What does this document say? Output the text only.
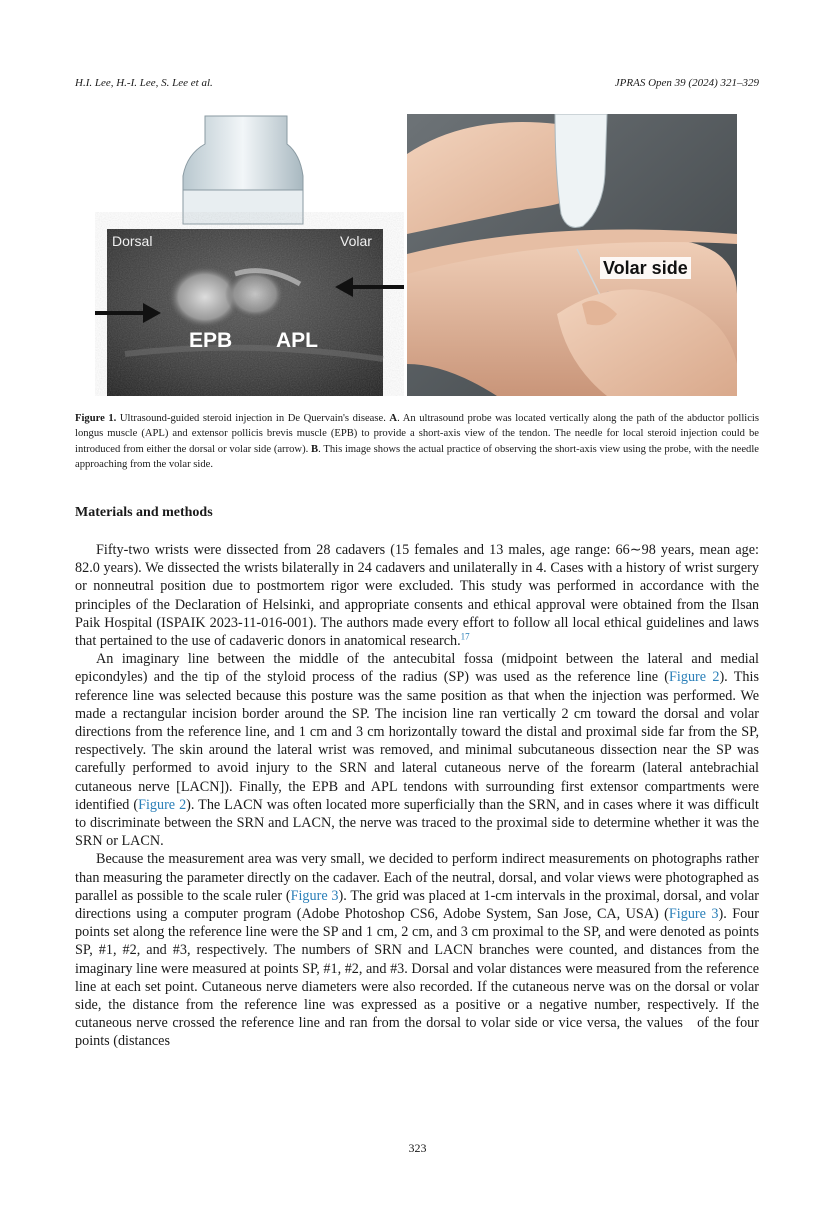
H.I. Lee, H.-I. Lee, S. Lee et al.	JPRAS Open 39 (2024) 321–329
Dorsal	Volar
EPB APL
Volar side
Figure 1. Ultrasound-guided steroid injection in De Quervain's disease. A. An ultrasound probe was located vertically along the path of the abductor pollicis longus muscle (APL) and extensor pollicis brevis muscle (EPB) to provide a short-axis view of the tendon. The needle for local steroid injection could be introduced from either the dorsal or volar side (arrow). B. This image shows the actual practice of observing the short-axis view using the probe, with the needle approaching from the volar side.
Materials and methods

Fifty-two wrists were dissected from 28 cadavers (15 females and 13 males, age range: 66∼98 years, mean age: 82.0 years). We dissected the wrists bilaterally in 24 cadavers and unilaterally in 4. Cases with a history of wrist surgery or nonneutral position due to postmortem rigor were excluded. This study was performed in accordance with the principles of the Declaration of Helsinki, and appropriate consents and ethical approval were obtained from the Ilsan Paik Hospital (ISPAIK 2023-11-016-001). The authors made every effort to follow all local ethical guidelines and laws that pertained to the use of cadaveric donors in anatomical research.$^{17}$

An imaginary line between the middle of the antecubital fossa (midpoint between the lateral and medial epicondyles) and the tip of the styloid process of the radius (SP) was used as the reference line (Figure 2). This reference line was selected because this posture was the same position as that when the injection was performed. We made a rectangular incision border around the SP. The incision line ran vertically 2 cm toward the dorsal and volar directions from the reference line, and 1 cm and 3 cm horizontally toward the distal and proximal side far from the SP, respectively. The skin around the lateral wrist was removed, and minimal subcutaneous dissection near the SP was carefully performed to avoid injury to the SRN and lateral cutaneous nerve of the forearm (lateral antebrachial cutaneous nerve [LACN]). Finally, the EPB and APL tendons with surrounding first extensor compartments were identified (Figure 2). The LACN was often located more superficially than the SRN, and in cases where it was difficult to discriminate between the SRN and LACN, the nerve was traced to the proximal side to determine whether it was the SRN or LACN.

Because the measurement area was very small, we decided to perform indirect measurements on photographs rather than measuring the parameter directly on the cadaver. Each of the neutral, dorsal, and volar views were photographed as parallel as possible to the scale ruler (Figure 3). The grid was placed at 1-cm intervals in the proximal, dorsal, and volar directions using a computer program (Adobe Photoshop CS6, Adobe System, San Jose, CA, USA) (Figure 3). Four points set along the reference line were the SP and 1 cm, 2 cm, and 3 cm proximal to the SP, and were denoted as points SP, #1, #2, and #3, respectively. The numbers of SRN and LACN branches were counted, and distances from the imaginary line were measured at points SP, #1, #2, and #3. Dorsal and volar distances were measured from the reference line at each set point. Cutaneous nerve diameters were also recorded. If the cutaneous nerve was on the dorsal or volar side, the distance from the reference line was expressed as a positive or a negative number, respectively. If the cutaneous nerve crossed the reference line and ran from the dorsal to volar side or vice versa, the values of the four points (distances

323
